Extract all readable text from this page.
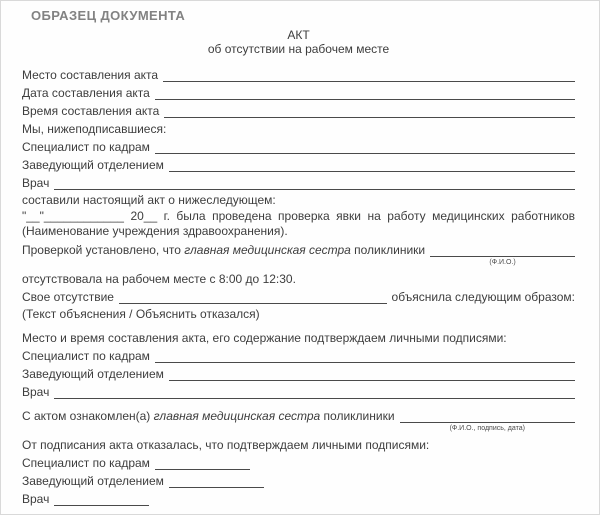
ОБРАЗЕЦ ДОКУМЕНТА
АКТ
об отсутствии на рабочем месте
Место составления акта
Дата составления акта
Время составления акта
Мы, нижеподписавшиеся:
Специалист по кадрам
Заведующий отделением
Врач
составили настоящий акт о нижеследующем:

"__"____________ 20__ г. была проведена проверка явки на работу медицинских работников (Наименование учреждения здравоохранения).

Проверкой установлено, что главная медицинская сестра поликлиники
(Ф.И.О.)
отсутствовала на рабочем месте с 8:00 до 12:30.
Свое отсутствие	объяснила следующим образом:
(Текст объяснения / Объяснить отказался)
Место и время составления акта, его содержание подтверждаем личными подписями:
Специалист по кадрам
Заведующий отделением
Врач
С актом ознакомлен(а) главная медицинская сестра поликлиники
(Ф.И.О., подпись, дата)
От подписания акта отказалась, что подтверждаем личными подписями:
Специалист по кадрам
Заведующий отделением
Врач
